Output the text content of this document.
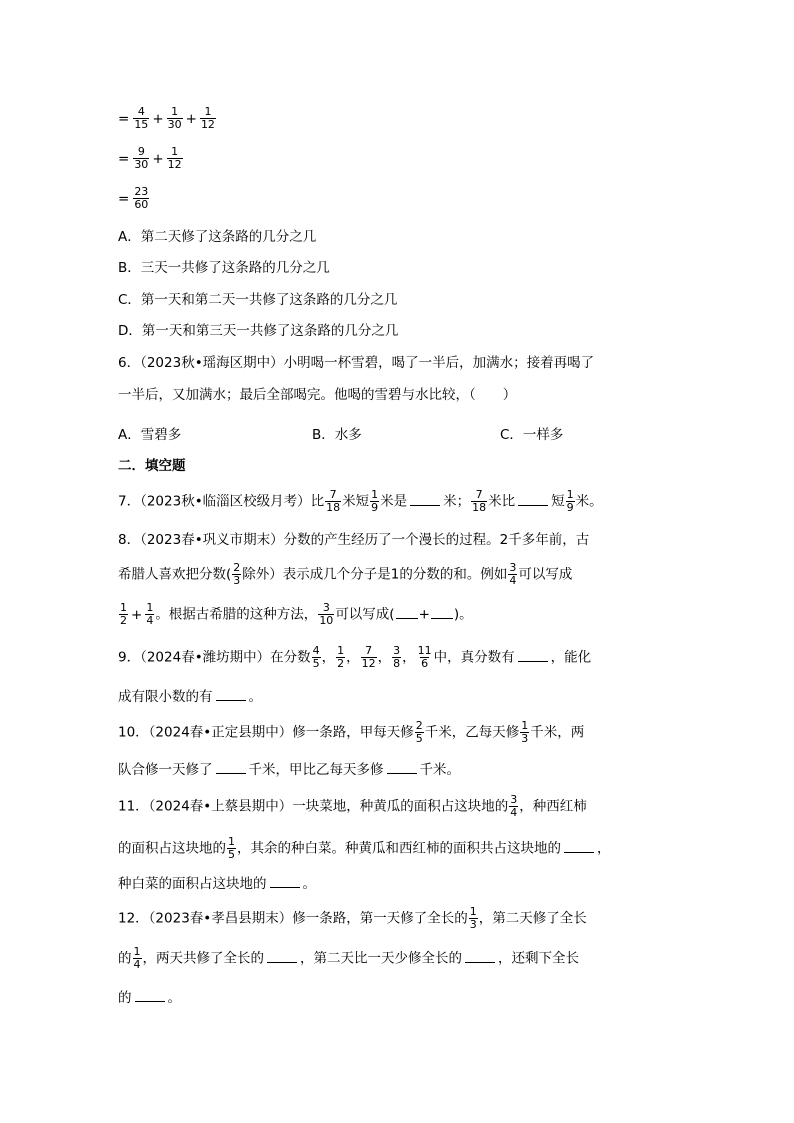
= $\frac{4}{15} + \frac{1}{30} + \frac{1}{12}$
= $\frac{9}{30} + \frac{1}{12}$
= $\frac{23}{60}$
A．第二天修了这条路的几分之几
B．三天一共修了这条路的几分之几
C．第一天和第二天一共修了这条路的几分之几
D．第一天和第三天一共修了这条路的几分之几
6．（2023秋•瑶海区期中）小明喝一杯雪碧，喝了一半后，加满水；接着再喝了
一半后，又加满水；最后全部喝完。他喝的雪碧与水比较，（　　）
A．雪碧多	B．水多	C．一样多
二．填空题
7．（2023秋•临淄区校级月考）比 $\frac{7}{18}$ 米短 $\frac{1}{9}$ 米是	米； $\frac{7}{18}$ 米比	短 $\frac{1}{9}$ 米。
8．（2023春•巩义市期末）分数的产生经历了一个漫长的过程。2千多年前，古
希腊人喜欢把分数( $\frac{2}{3}$ 除外）表示成几个分子是1的分数的和。例如 $\frac{3}{4}$ 可以写成
$\frac{1}{2} + \frac{1}{4}$ 。根据古希腊的这种方法， $\frac{3}{10}$ 可以写成( + )。
9．（2024春•潍坊期中）在分数 $\frac{4}{5}$ ， $\frac{1}{2}$ ， $\frac{7}{12}$ ， $\frac{3}{8}$ ， $\frac{11}{6}$ 中，真分数有	，能化
成有限小数的有	。
10．（2024春•正定县期中）修一条路，甲每天修 $\frac{2}{5}$ 千米，乙每天修 $\frac{1}{3}$ 千米，两
队合修一天修了	千米，甲比乙每天多修	千米。
11．（2024春•上蔡县期中）一块菜地，种黄瓜的面积占这块地的 $\frac{3}{4}$ ，种西红柿
的面积占这块地的 $\frac{1}{5}$ ，其余的种白菜。种黄瓜和西红柿的面积共占这块地的	，
种白菜的面积占这块地的	。
12．（2023春•孝昌县期末）修一条路，第一天修了全长的 $\frac{1}{3}$ ，第二天修了全长
的 $\frac{1}{4}$ ，两天共修了全长的	，第二天比一天少修全长的	，还剩下全长
的	。
